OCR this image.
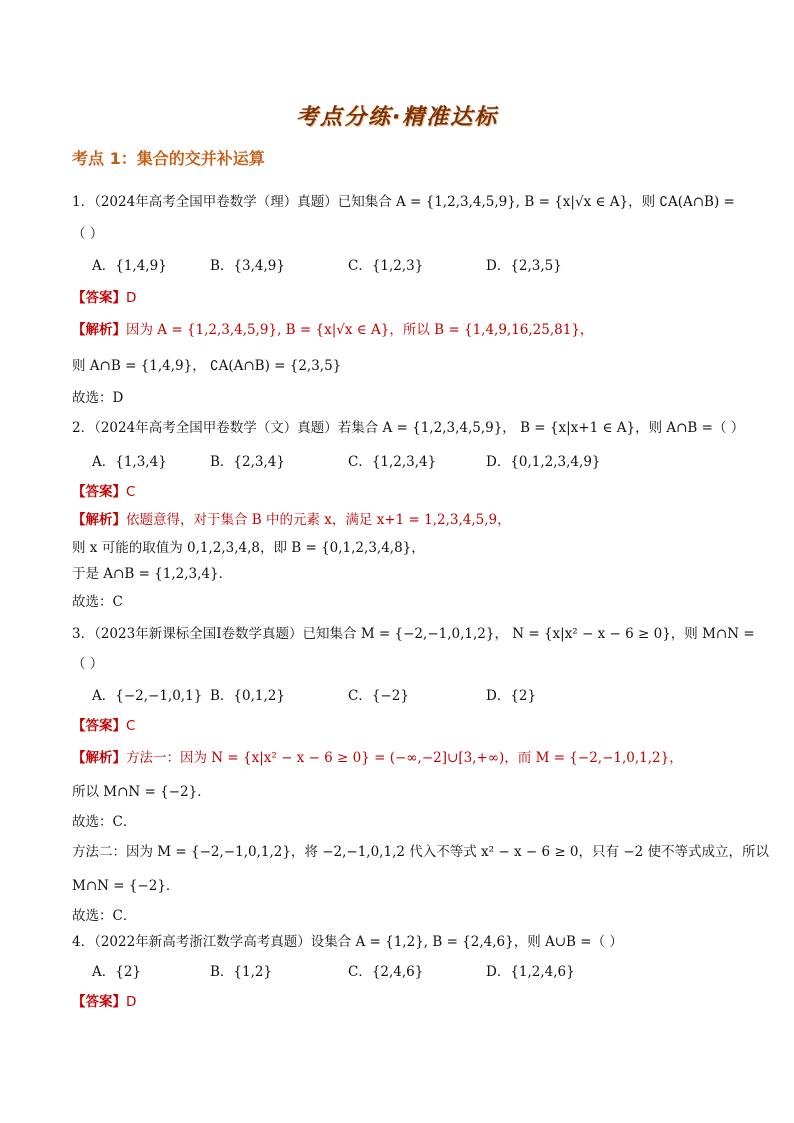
考点分练·精准达标
考点 1：集合的交并补运算
1．（2024年高考全国甲卷数学（理）真题）已知集合 A = {1,2,3,4,5,9}, B = {x|√x ∈ A}，则 ∁A(A∩B) =
（ ）
A．{1,4,9}	B．{3,4,9}	C．{1,2,3}	D．{2,3,5}
【答案】D
【解析】因为 A = {1,2,3,4,5,9}, B = {x|√x ∈ A}，所以 B = {1,4,9,16,25,81}，
则 A∩B = {1,4,9}， ∁A(A∩B) = {2,3,5}
故选：D
2．（2024年高考全国甲卷数学（文）真题）若集合 A = {1,2,3,4,5,9}， B = {x|x+1 ∈ A}，则 A∩B =（ ）
A．{1,3,4}	B．{2,3,4}	C．{1,2,3,4}	D．{0,1,2,3,4,9}
【答案】C
【解析】依题意得，对于集合 B 中的元素 x，满足 x+1 = 1,2,3,4,5,9，
则 x 可能的取值为 0,1,2,3,4,8，即 B = {0,1,2,3,4,8}，
于是 A∩B = {1,2,3,4}．
故选：C
3．（2023年新课标全国Ⅰ卷数学真题）已知集合 M = {−2,−1,0,1,2}， N = {x|x² − x − 6 ≥ 0}，则 M∩N =
（ ）
A．{−2,−1,0,1} B．{0,1,2}	C．{−2}	D．{2}
【答案】C
【解析】方法一：因为 N = {x|x² − x − 6 ≥ 0} = (−∞,−2]∪[3,+∞)，而 M = {−2,−1,0,1,2}，
所以 M∩N = {−2}．
故选：C．
方法二：因为 M = {−2,−1,0,1,2}，将 −2,−1,0,1,2 代入不等式 x² − x − 6 ≥ 0，只有 −2 使不等式成立，所以
M∩N = {−2}．
故选：C．
4．（2022年新高考浙江数学高考真题）设集合 A = {1,2}, B = {2,4,6}，则 A∪B =（ ）
A．{2}	B．{1,2}	C．{2,4,6}	D．{1,2,4,6}
【答案】D
